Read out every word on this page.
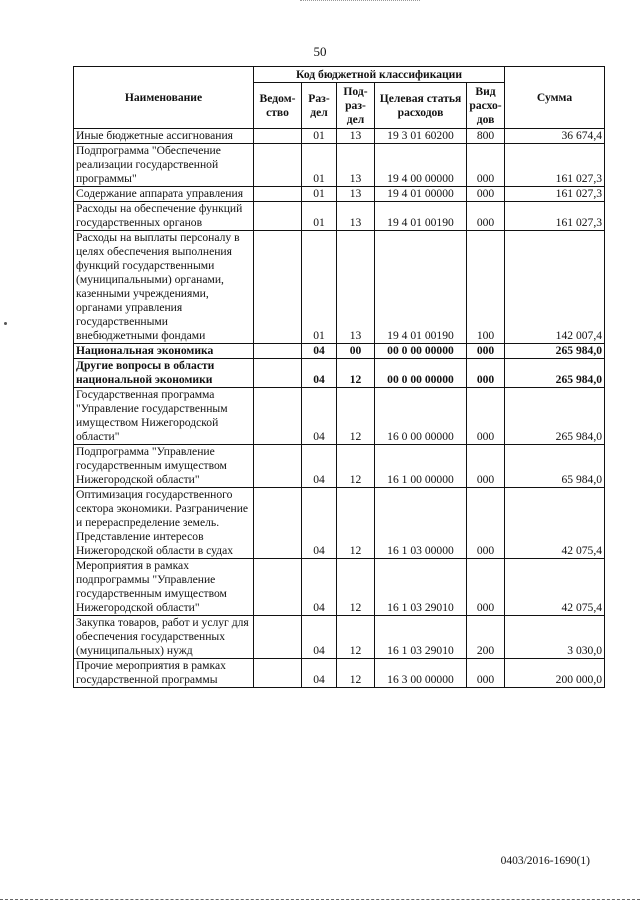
50
Наименование	Код бюджетной классификации					Сумма
	Ведом-ство	Раз-дел	Под-раз-дел	Целевая статья расходов	Вид расхо-дов	
Иные бюджетные ассигнования		01	13	19 3 01 60200	800	36 674,4
Подпрограмма "Обеспечение реализации государственной программы"		01	13	19 4 00 00000	000	161 027,3
Содержание аппарата управления		01	13	19 4 01 00000	000	161 027,3
Расходы на обеспечение функций государственных органов		01	13	19 4 01 00190	000	161 027,3
Расходы на выплаты персоналу в целях обеспечения выполнения функций государственными (муниципальными) органами, казенными учреждениями, органами управления государственными внебюджетными фондами		01	13	19 4 01 00190	100	142 007,4
Национальная экономика		04	00	00 0 00 00000	000	265 984,0
Другие вопросы в области национальной экономики		04	12	00 0 00 00000	000	265 984,0
Государственная программа "Управление государственным имуществом Нижегородской области"		04	12	16 0 00 00000	000	265 984,0
Подпрограмма "Управление государственным имуществом Нижегородской области"		04	12	16 1 00 00000	000	65 984,0
Оптимизация государственного сектора экономики. Разграничение и перераспределение земель. Представление интересов Нижегородской области в судах		04	12	16 1 03 00000	000	42 075,4
Мероприятия в рамках подпрограммы "Управление государственным имуществом Нижегородской области"		04	12	16 1 03 29010	000	42 075,4
Закупка товаров, работ и услуг для обеспечения государственных (муниципальных) нужд		04	12	16 1 03 29010	200	3 030,0
Прочие мероприятия в рамках государственной программы		04	12	16 3 00 00000	000	200 000,0
0403/2016-1690(1)
